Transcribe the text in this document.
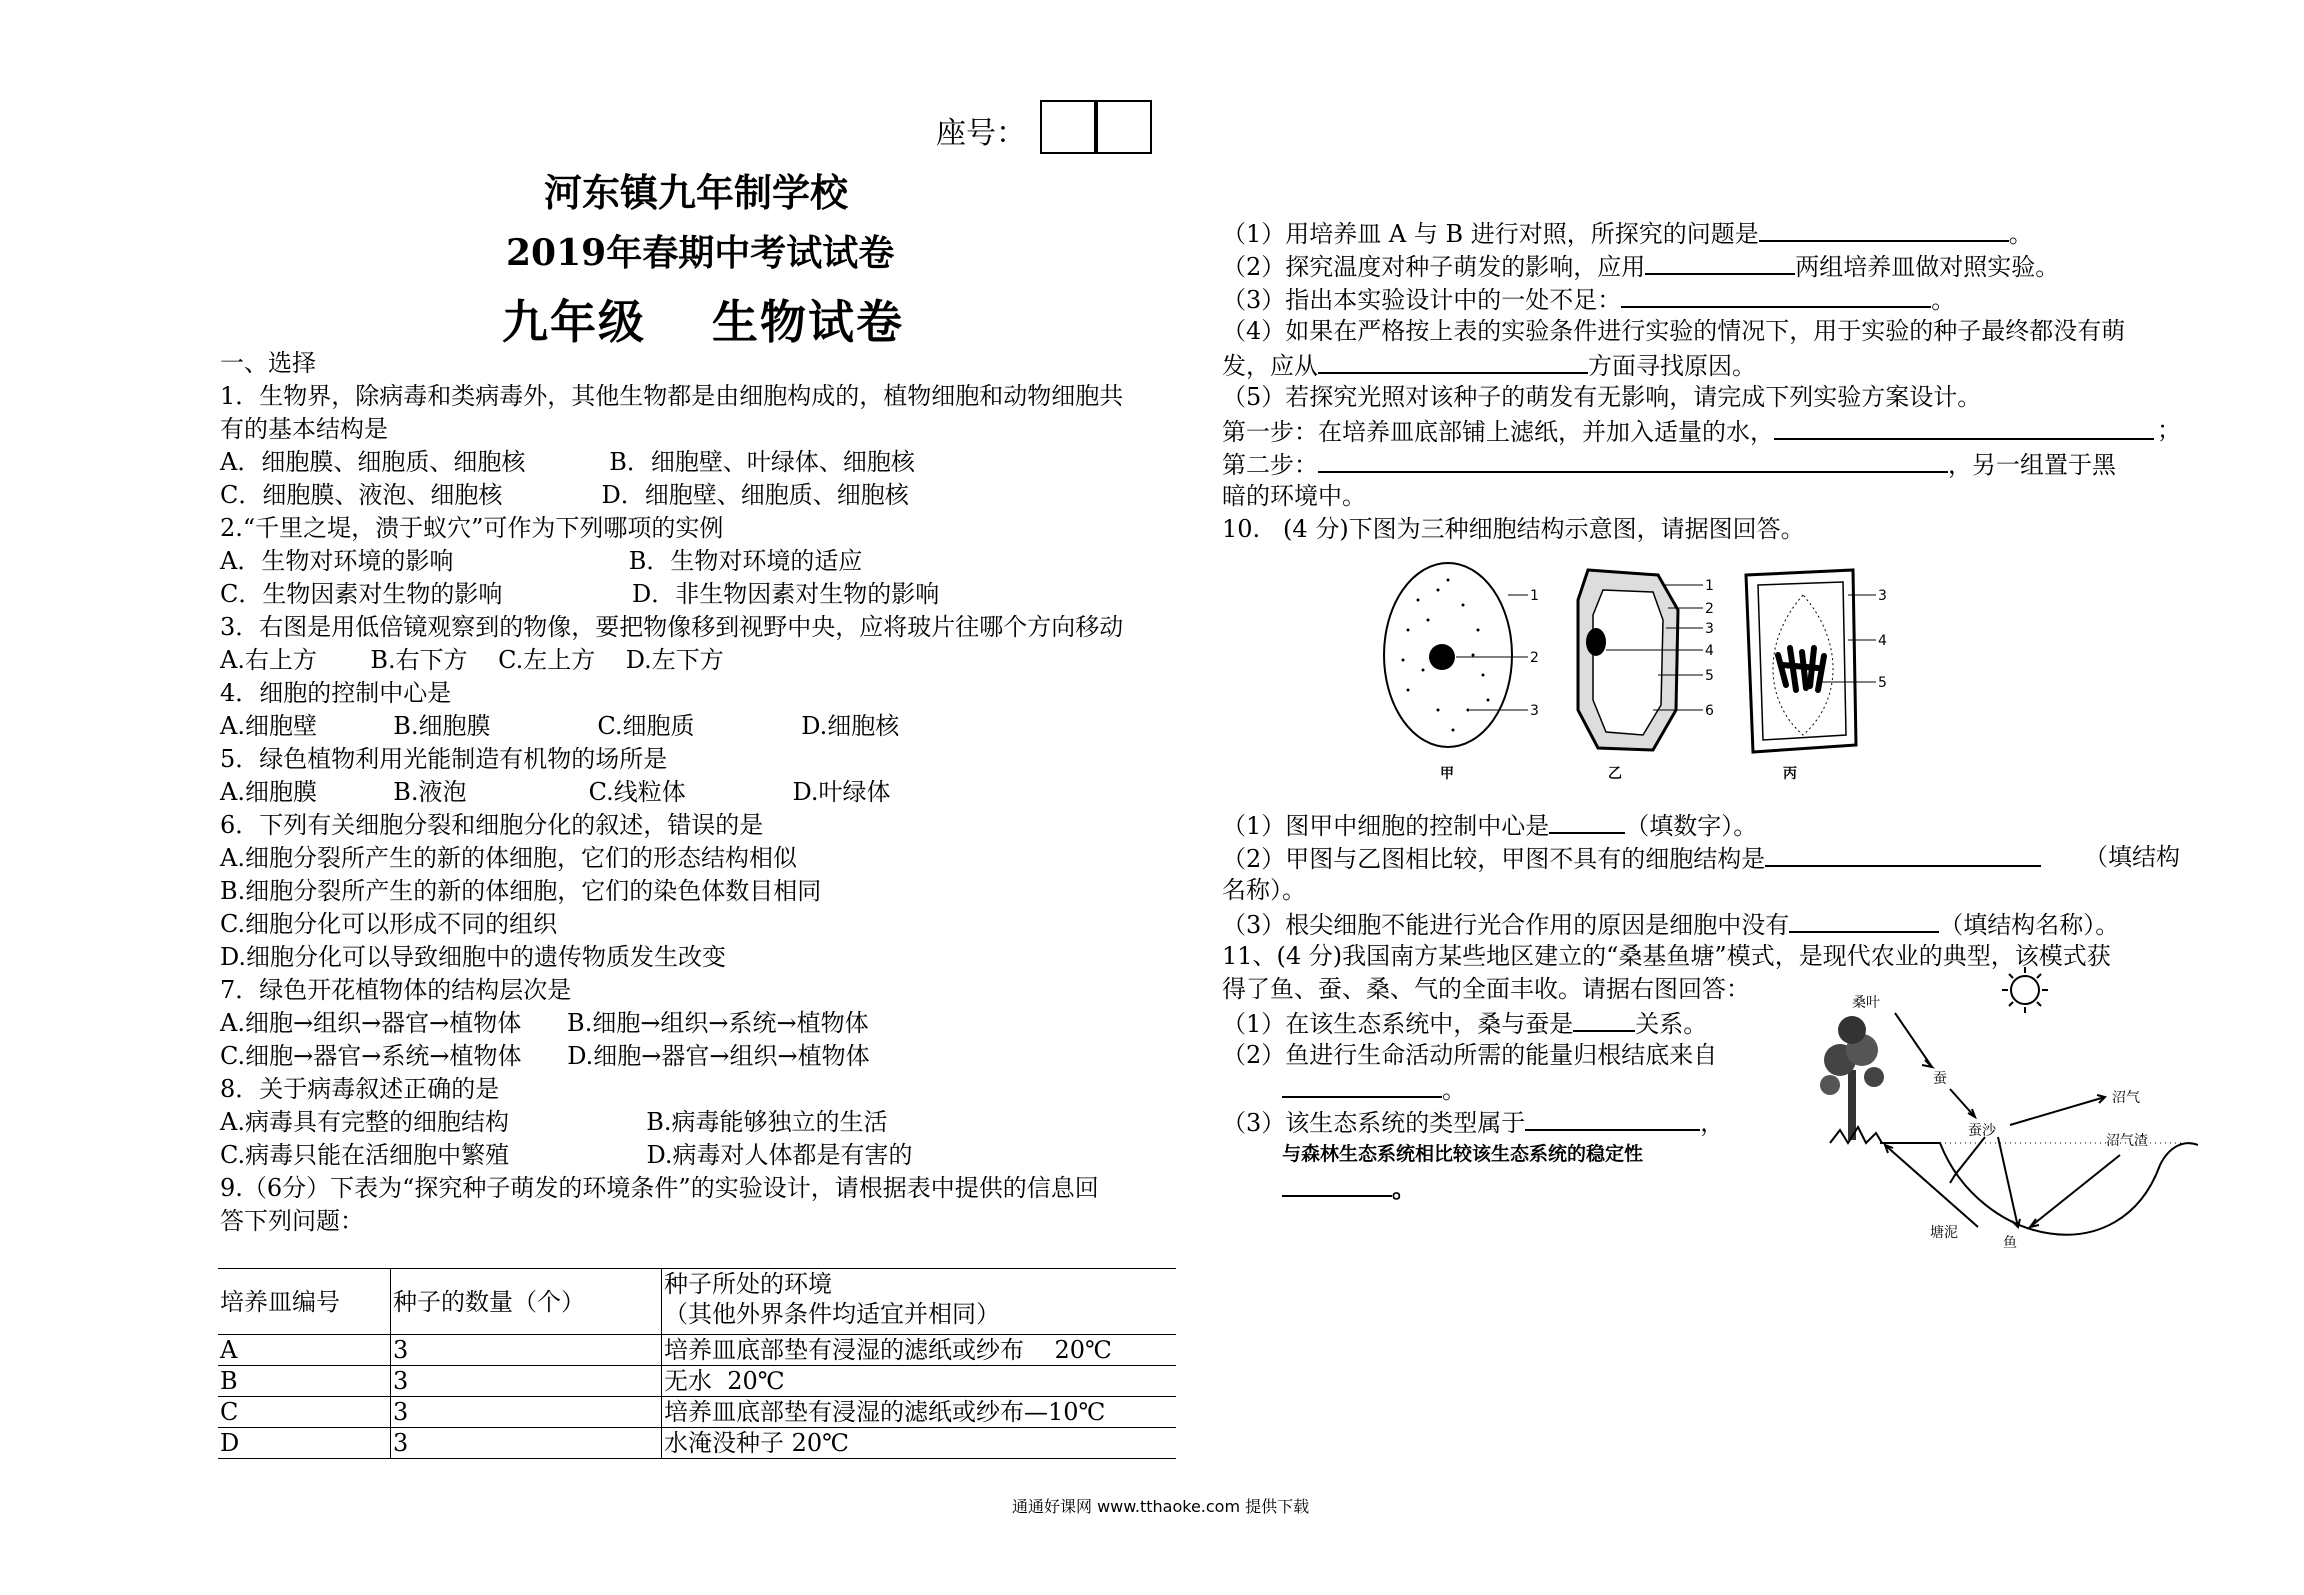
座号：
河东镇九年制学校
2019年春期中考试试卷
九年级 生物试卷
一、选择
1．生物界，除病毒和类病毒外，其他生物都是由细胞构成的，植物细胞和动物细胞共
有的基本结构是
A．细胞膜、细胞质、细胞核           B．细胞壁、叶绿体、细胞核
C．细胞膜、液泡、细胞核             D．细胞壁、细胞质、细胞核
2.“千里之堤，溃于蚁穴”可作为下列哪项的实例
A．生物对环境的影响                       B．生物对环境的适应
C．生物因素对生物的影响                 D．非生物因素对生物的影响
3．右图是用低倍镜观察到的物像，要把物像移到视野中央，应将玻片往哪个方向移动
A.右上方       B.右下方    C.左上方    D.左下方
4．细胞的控制中心是
A.细胞壁          B.细胞膜              C.细胞质              D.细胞核
5．绿色植物利用光能制造有机物的场所是
A.细胞膜          B.液泡                C.线粒体              D.叶绿体
6．下列有关细胞分裂和细胞分化的叙述，错误的是
A.细胞分裂所产生的新的体细胞，它们的形态结构相似
B.细胞分裂所产生的新的体细胞，它们的染色体数目相同
C.细胞分化可以形成不同的组织
D.细胞分化可以导致细胞中的遗传物质发生改变
7．绿色开花植物体的结构层次是
A.细胞→组织→器官→植物体      B.细胞→组织→系统→植物体
C.细胞→器官→系统→植物体      D.细胞→器官→组织→植物体
8．关于病毒叙述正确的是
A.病毒具有完整的细胞结构                  B.病毒能够独立的生活
C.病毒只能在活细胞中繁殖                  D.病毒对人体都是有害的
9.（6分）下表为“探究种子萌发的环境条件”的实验设计，请根据表中提供的信息回
答下列问题：
培养皿编号	种子的数量（个）	种子所处的环境
（其他外界条件均适宜并相同）

A	3	培养皿底部垫有浸湿的滤纸或纱布    20℃
B	3	无水  20℃
C	3	培养皿底部垫有浸湿的滤纸或纱布—10℃
D	3	水淹没种子 20℃
（1）用培养皿 A 与 B 进行对照，所探究的问题是	。
（2）探究温度对种子萌发的影响，应用	两组培养皿做对照实验。
（3）指出本实验设计中的一处不足：	。
（4）如果在严格按上表的实验条件进行实验的情况下，用于实验的种子最终都没有萌
发，应从	方面寻找原因。
（5）若探究光照对该种子的萌发有无影响，请完成下列实验方案设计。
第一步：在培养皿底部铺上滤纸，并加入适量的水，	；
第二步：	，另一组置于黑
暗的环境中。
10.   (4 分)下图为三种细胞结构示意图，请据图回答。
1
2
3
甲
1
2
3
4
5
6
乙
3
4
5
丙
（1）图甲中细胞的控制中心是	（填数字）。
（2）甲图与乙图相比较，甲图不具有的细胞结构是	（填结构
名称）。
（3）根尖细胞不能进行光合作用的原因是细胞中没有	（填结构名称）。
11、(4 分)我国南方某些地区建立的“桑基鱼塘”模式，是现代农业的典型，该模式获
得了鱼、蚕、桑、气的全面丰收。请据右图回答：
（1）在该生态系统中，桑与蚕是	关系。
（2）鱼进行生命活动所需的能量归根结底来自
。
（3）该生态系统的类型属于	，
与森林生态系统相比较该生态系统的稳定性
。
桑叶
蚕
蚕沙
沼气
沼气渣
塘泥
鱼
通通好课网 www.tthaoke.com 提供下载
